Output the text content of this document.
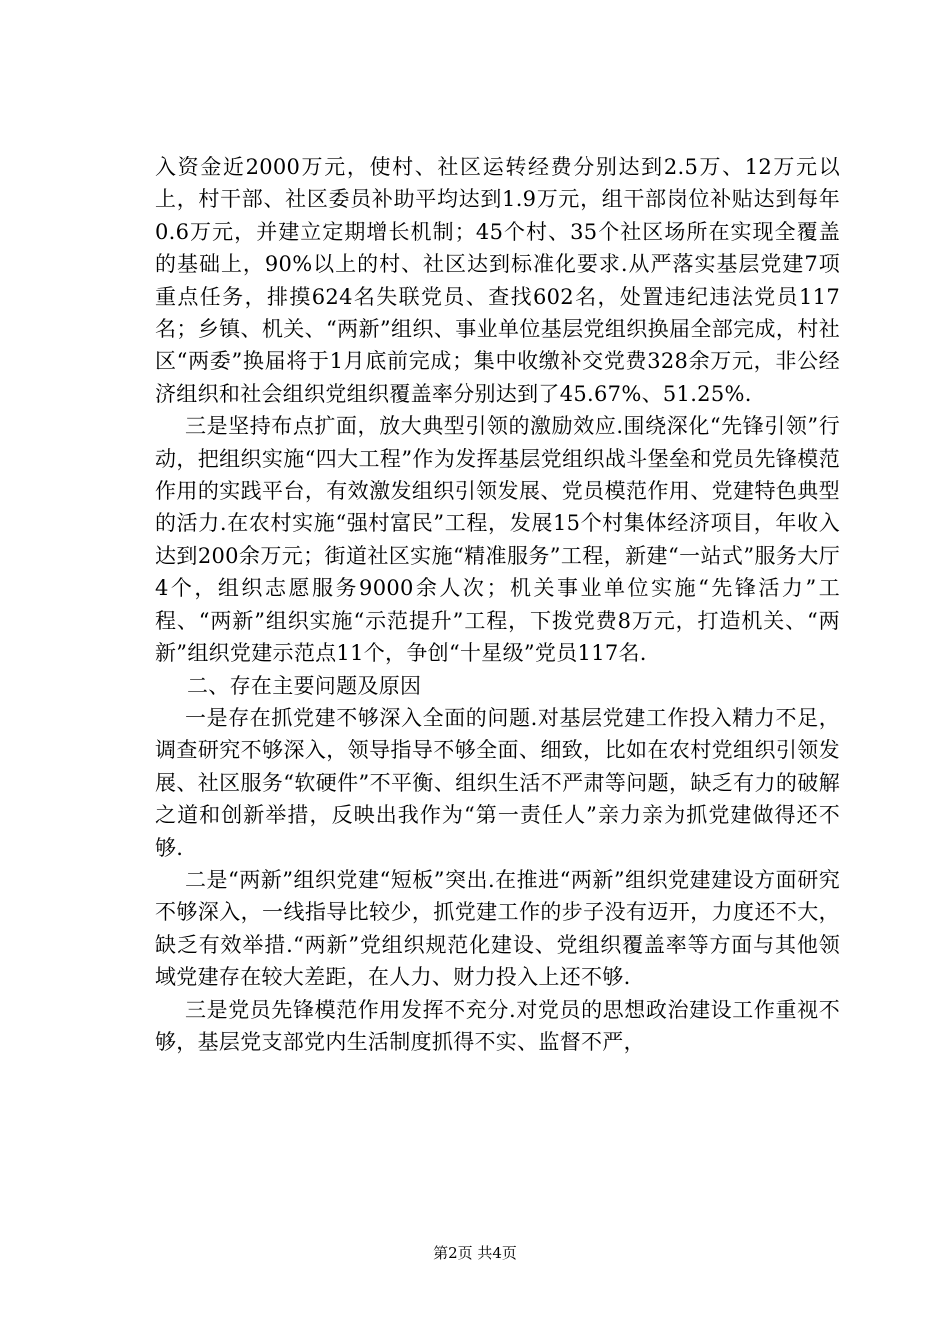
入资金近2000万元，使村、社区运转经费分别达到2.5万、12万元以上，村干部、社区委员补助平均达到1.9万元，组干部岗位补贴达到每年0.6万元，并建立定期增长机制；45个村、35个社区场所在实现全覆盖的基础上，90%以上的村、社区达到标准化要求.从严落实基层党建7项重点任务，排摸624名失联党员、查找602名，处置违纪违法党员117名；乡镇、机关、“两新”组织、事业单位基层党组织换届全部完成，村社区“两委”换届将于1月底前完成；集中收缴补交党费328余万元，非公经济组织和社会组织党组织覆盖率分别达到了45.67%、51.25%.

三是坚持布点扩面，放大典型引领的激励效应.围绕深化“先锋引领”行动，把组织实施“四大工程”作为发挥基层党组织战斗堡垒和党员先锋模范作用的实践平台，有效激发组织引领发展、党员模范作用、党建特色典型的活力.在农村实施“强村富民”工程，发展15个村集体经济项目，年收入达到200余万元；街道社区实施“精准服务”工程，新建“一站式”服务大厅4个，组织志愿服务9000余人次；机关事业单位实施“先锋活力”工程、“两新”组织实施“示范提升”工程，下拨党费8万元，打造机关、“两新”组织党建示范点11个，争创“十星级”党员117名.

二、存在主要问题及原因

一是存在抓党建不够深入全面的问题.对基层党建工作投入精力不足，调查研究不够深入，领导指导不够全面、细致，比如在农村党组织引领发展、社区服务“软硬件”不平衡、组织生活不严肃等问题，缺乏有力的破解之道和创新举措，反映出我作为“第一责任人”亲力亲为抓党建做得还不够.

二是“两新”组织党建“短板”突出.在推进“两新”组织党建建设方面研究不够深入，一线指导比较少，抓党建工作的步子没有迈开，力度还不大，缺乏有效举措.“两新”党组织规范化建设、党组织覆盖率等方面与其他领域党建存在较大差距，在人力、财力投入上还不够.

三是党员先锋模范作用发挥不充分.对党员的思想政治建设工作重视不够，基层党支部党内生活制度抓得不实、监督不严，

第2页 共4页
